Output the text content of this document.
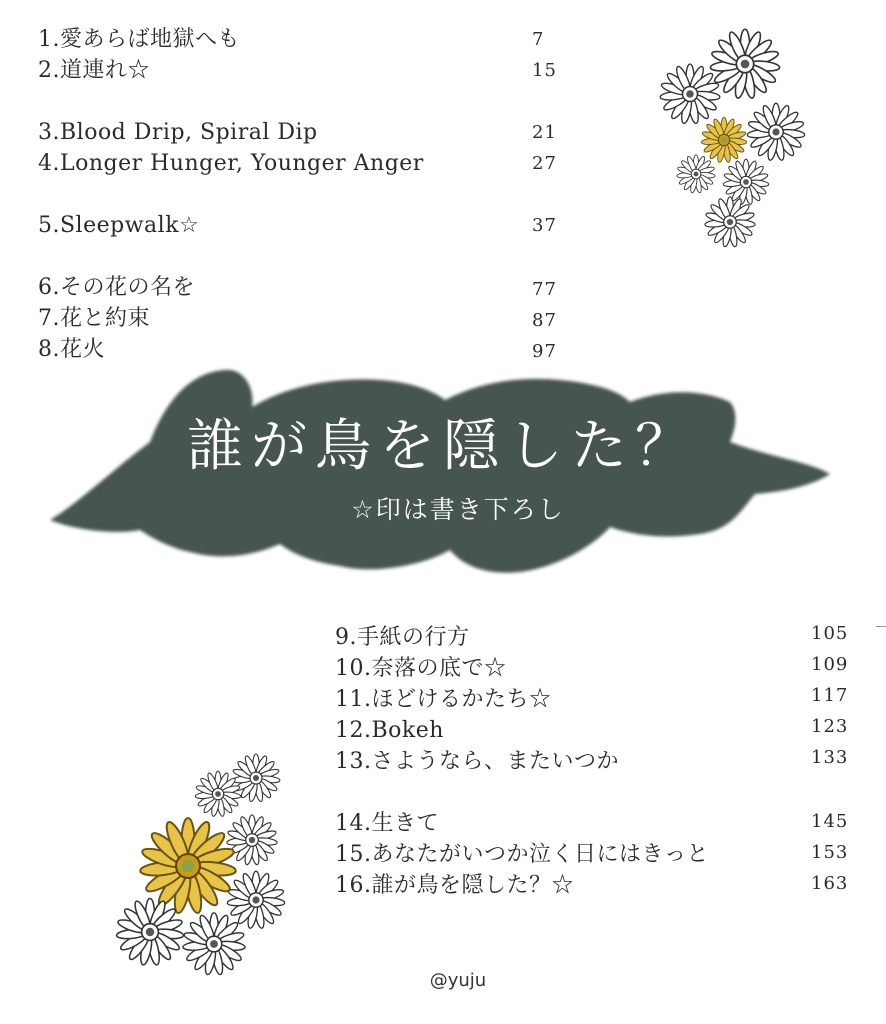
1.愛あらば地獄へも	7
2.道連れ☆	15
3.Blood Drip, Spiral Dip	21
4.Longer Hunger, Younger Anger	27
5.Sleepwalk☆	37
6.その花の名を	77
7.花と約束	87
8.花火	97
誰が鳥を隠した？
☆印は書き下ろし
9.手紙の行方	105
10.奈落の底で☆	109
11.ほどけるかたち☆	117
12.Bokeh	123
13.さようなら、またいつか	133
14.生きて	145
15.あなたがいつか泣く日にはきっと	153
16.誰が鳥を隠した？☆	163
@yuju
